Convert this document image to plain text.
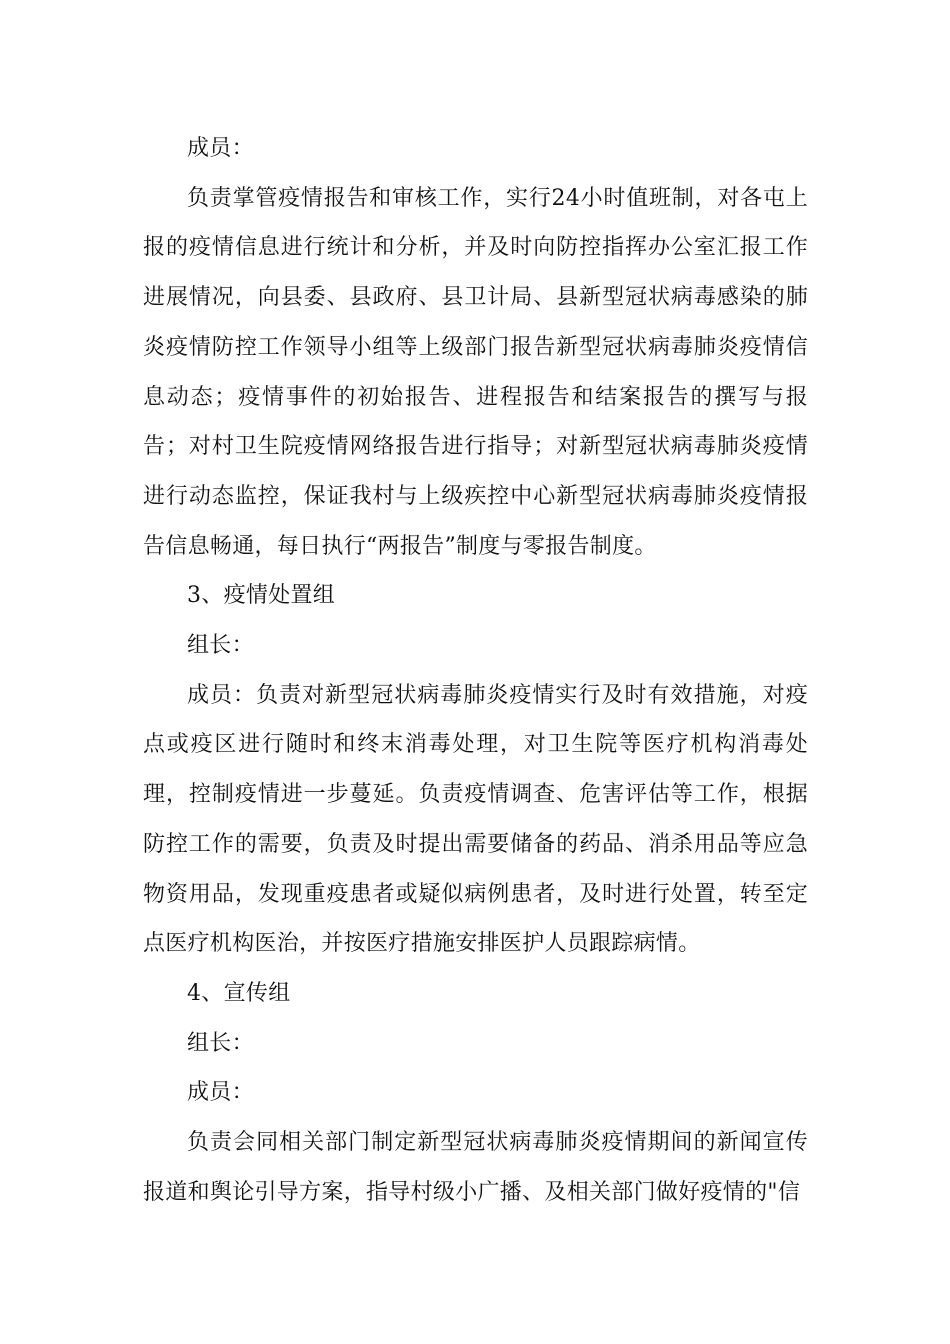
成员：

负责掌管疫情报告和审核工作，实行24小时值班制，对各屯上报的疫情信息进行统计和分析，并及时向防控指挥办公室汇报工作进展情况，向县委、县政府、县卫计局、县新型冠状病毒感染的肺炎疫情防控工作领导小组等上级部门报告新型冠状病毒肺炎疫情信息动态；疫情事件的初始报告、进程报告和结案报告的撰写与报告；对村卫生院疫情网络报告进行指导；对新型冠状病毒肺炎疫情进行动态监控，保证我村与上级疾控中心新型冠状病毒肺炎疫情报告信息畅通，每日执行“两报告”制度与零报告制度。

3、疫情处置组

组长：

成员：负责对新型冠状病毒肺炎疫情实行及时有效措施，对疫点或疫区进行随时和终末消毒处理，对卫生院等医疗机构消毒处理，控制疫情进一步蔓延。负责疫情调查、危害评估等工作，根据防控工作的需要，负责及时提出需要储备的药品、消杀用品等应急物资用品，发现重疫患者或疑似病例患者，及时进行处置，转至定点医疗机构医治，并按医疗措施安排医护人员跟踪病情。

4、宣传组

组长：

成员：

负责会同相关部门制定新型冠状病毒肺炎疫情期间的新闻宣传报道和舆论引导方案，指导村级小广播、及相关部门做好疫情的"信
